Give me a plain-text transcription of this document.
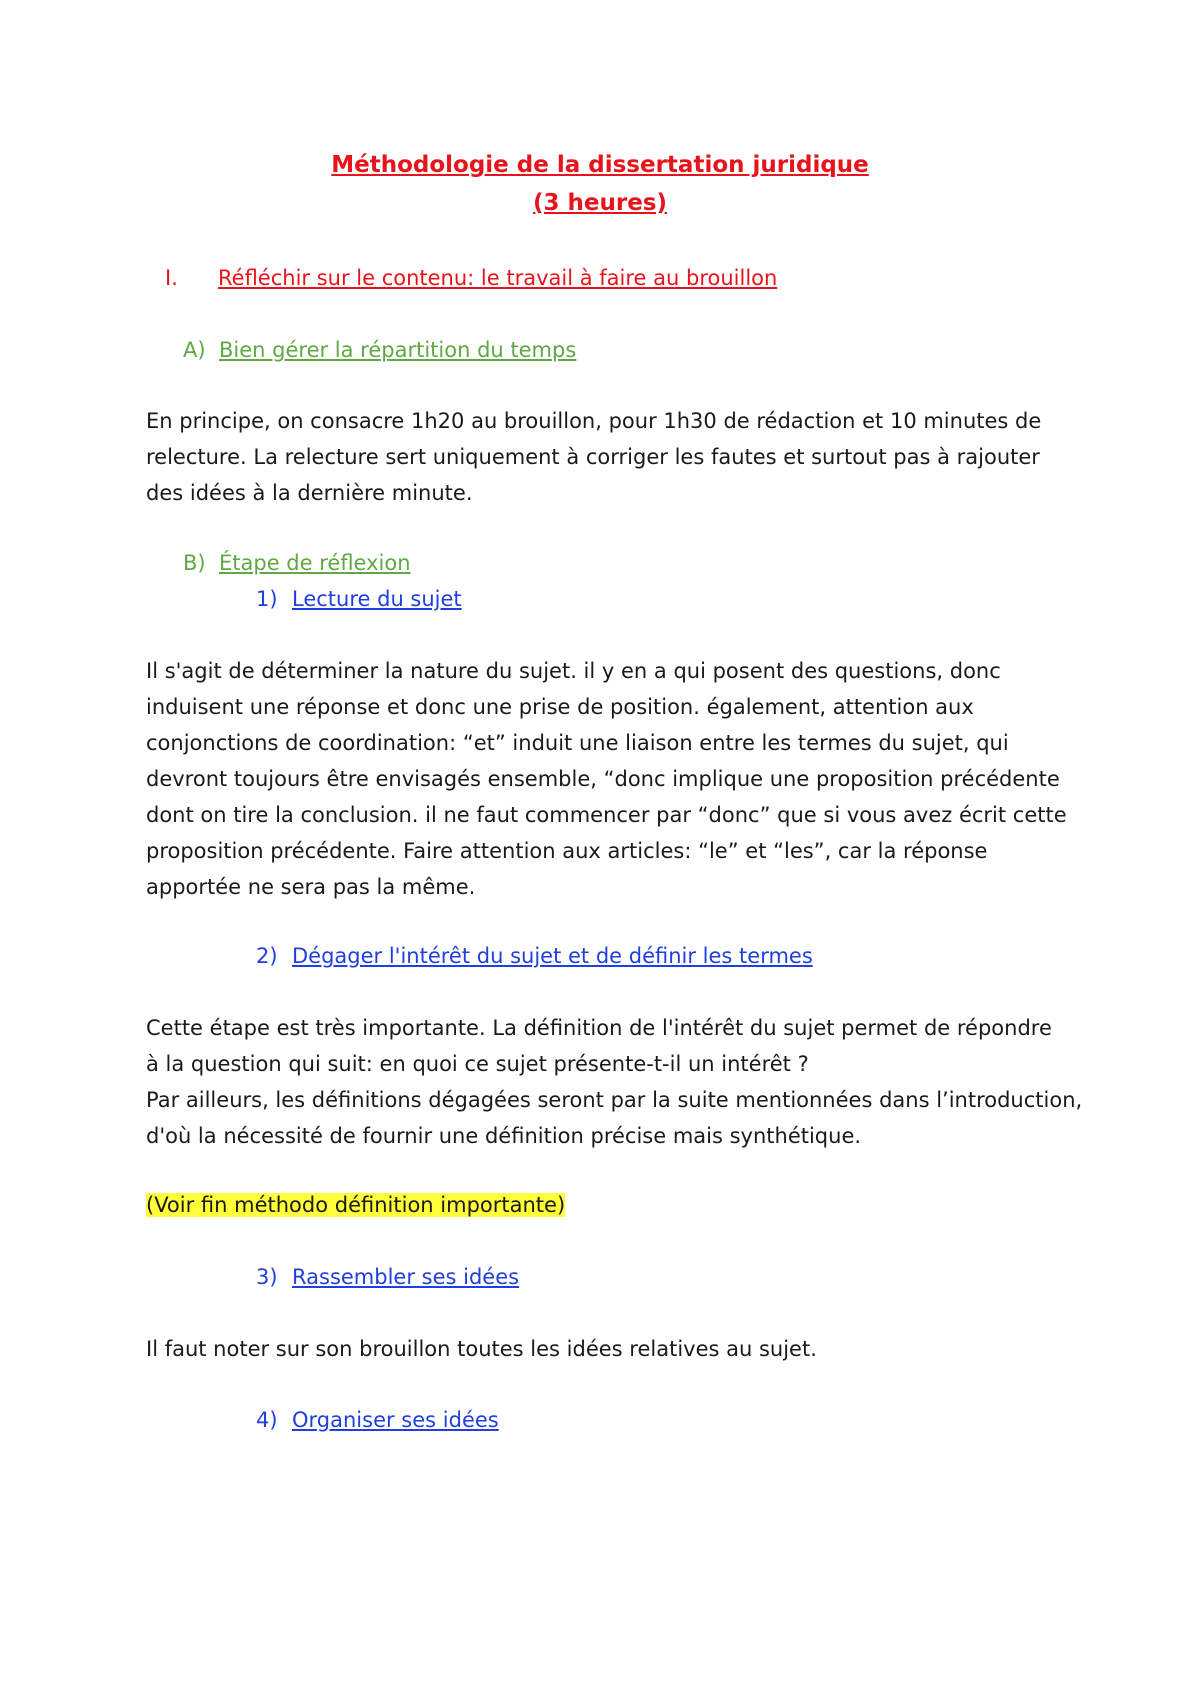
Méthodologie de la dissertation juridique
(3 heures)
I. Réfléchir sur le contenu: le travail à faire au brouillon
A) Bien gérer la répartition du temps
En principe, on consacre 1h20 au brouillon, pour 1h30 de rédaction et 10 minutes de
relecture. La relecture sert uniquement à corriger les fautes et surtout pas à rajouter
des idées à la dernière minute.
B) Étape de réflexion
1) Lecture du sujet
Il s'agit de déterminer la nature du sujet. il y en a qui posent des questions, donc
induisent une réponse et donc une prise de position. également, attention aux
conjonctions de coordination: “et” induit une liaison entre les termes du sujet, qui
devront toujours être envisagés ensemble, “donc implique une proposition précédente
dont on tire la conclusion. il ne faut commencer par “donc” que si vous avez écrit cette
proposition précédente. Faire attention aux articles: “le” et “les”, car la réponse
apportée ne sera pas la même.
2) Dégager l'intérêt du sujet et de définir les termes
Cette étape est très importante. La définition de l'intérêt du sujet permet de répondre
à la question qui suit: en quoi ce sujet présente-t-il un intérêt ?
Par ailleurs, les définitions dégagées seront par la suite mentionnées dans l’introduction,
d'où la nécessité de fournir une définition précise mais synthétique.
(Voir fin méthodo définition importante)
3) Rassembler ses idées
Il faut noter sur son brouillon toutes les idées relatives au sujet.
4) Organiser ses idées
